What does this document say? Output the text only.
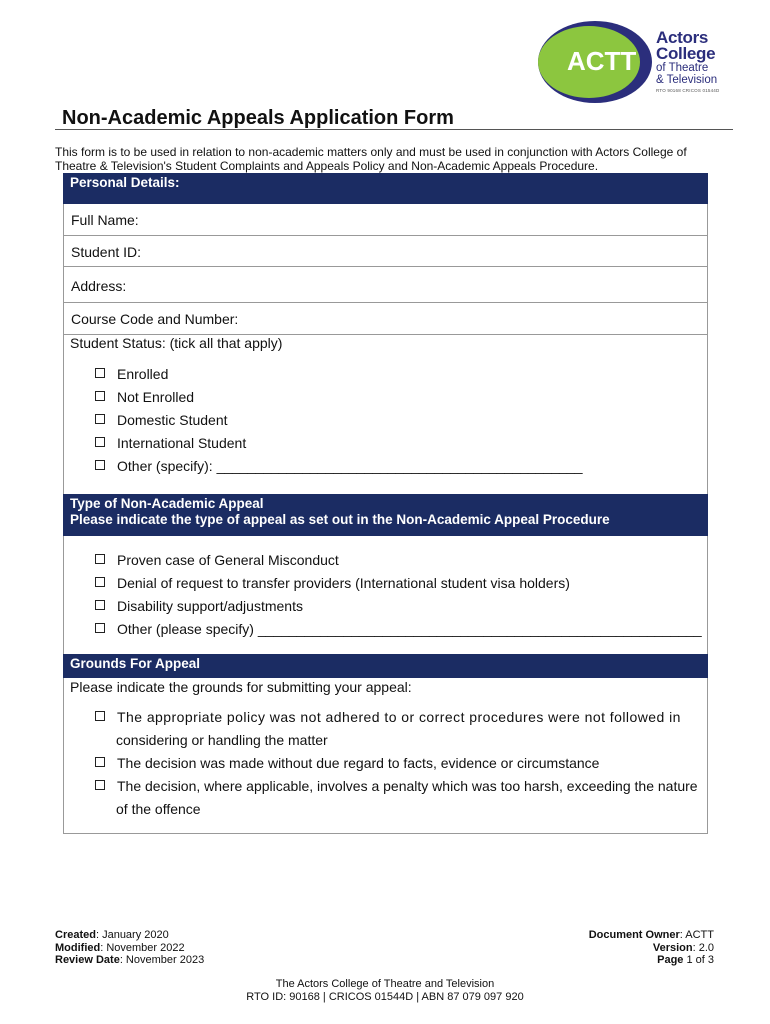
ACTT
Actors
College
of Theatre
& Television
RTO 90168 CRICOS 01544D
Non-Academic Appeals Application Form
This form is to be used in relation to non-academic matters only and must be used in conjunction with Actors College of Theatre & Television's Student Complaints and Appeals Policy and Non-Academic Appeals Procedure.
Personal Details:
Full Name:
Student ID:
Address:
Course Code and Number:
Student Status: (tick all that apply)
Enrolled
Not Enrolled
Domestic Student
International Student
Other (specify): _______________________________________________
Type of Non-Academic Appeal
Please indicate the type of appeal as set out in the Non-Academic Appeal Procedure
Proven case of General Misconduct
Denial of request to transfer providers (International student visa holders)
Disability support/adjustments
Other (please specify) _________________________________________________________
Grounds For Appeal
Please indicate the grounds for submitting your appeal:
The appropriate policy was not adhered to or correct procedures were not followed in
considering or handling the matter
The decision was made without due regard to facts, evidence or circumstance
The decision, where applicable, involves a penalty which was too harsh, exceeding the nature
of the offence
Created: January 2020
Modified: November 2022
Review Date: November 2023
Document Owner: ACTT
Version: 2.0
Page 1 of 3
The Actors College of Theatre and Television
RTO ID: 90168 | CRICOS 01544D | ABN 87 079 097 920
